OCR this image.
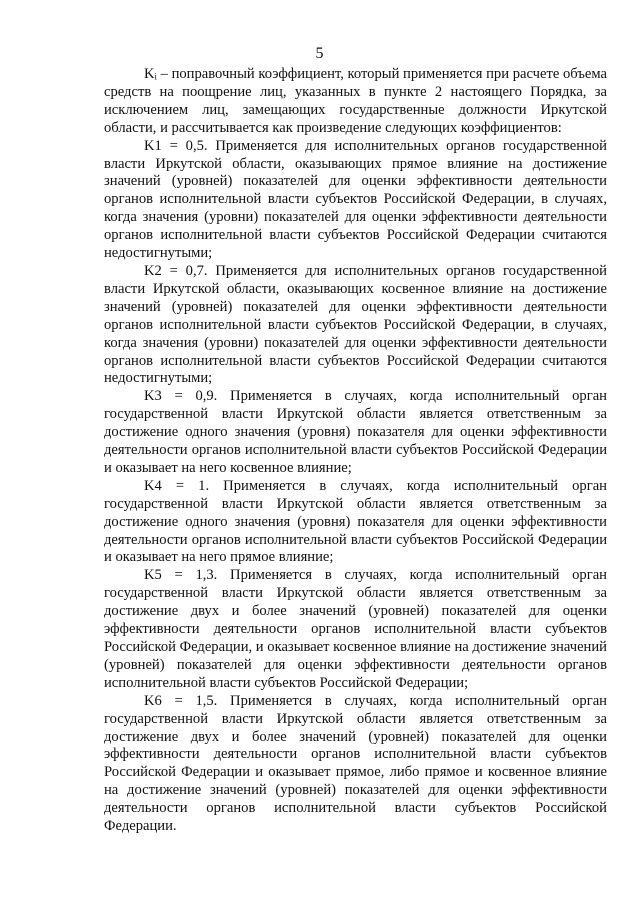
5

Kᵢ – поправочный коэффициент, который применяется при расчете объема средств на поощрение лиц, указанных в пункте 2 настоящего Порядка, за исключением лиц, замещающих государственные должности Иркутской области, и рассчитывается как произведение следующих коэффициентов:

K1 = 0,5. Применяется для исполнительных органов государственной власти Иркутской области, оказывающих прямое влияние на достижение значений (уровней) показателей для оценки эффективности деятельности органов исполнительной власти субъектов Российской Федерации, в случаях, когда значения (уровни) показателей для оценки эффективности деятельности органов исполнительной власти субъектов Российской Федерации считаются недостигнутыми;

K2 = 0,7. Применяется для исполнительных органов государственной власти Иркутской области, оказывающих косвенное влияние на достижение значений (уровней) показателей для оценки эффективности деятельности органов исполнительной власти субъектов Российской Федерации, в случаях, когда значения (уровни) показателей для оценки эффективности деятельности органов исполнительной власти субъектов Российской Федерации считаются недостигнутыми;

K3 = 0,9. Применяется в случаях, когда исполнительный орган государственной власти Иркутской области является ответственным за достижение одного значения (уровня) показателя для оценки эффективности деятельности органов исполнительной власти субъектов Российской Федерации и оказывает на него косвенное влияние;

K4 = 1. Применяется в случаях, когда исполнительный орган государственной власти Иркутской области является ответственным за достижение одного значения (уровня) показателя для оценки эффективности деятельности органов исполнительной власти субъектов Российской Федерации и оказывает на него прямое влияние;

K5 = 1,3. Применяется в случаях, когда исполнительный орган государственной власти Иркутской области является ответственным за достижение двух и более значений (уровней) показателей для оценки эффективности деятельности органов исполнительной власти субъектов Российской Федерации, и оказывает косвенное влияние на достижение значений (уровней) показателей для оценки эффективности деятельности органов исполнительной власти субъектов Российской Федерации;

K6 = 1,5. Применяется в случаях, когда исполнительный орган государственной власти Иркутской области является ответственным за достижение двух и более значений (уровней) показателей для оценки эффективности деятельности органов исполнительной власти субъектов Российской Федерации и оказывает прямое, либо прямое и косвенное влияние на достижение значений (уровней) показателей для оценки эффективности деятельности органов исполнительной власти субъектов Российской Федерации.
